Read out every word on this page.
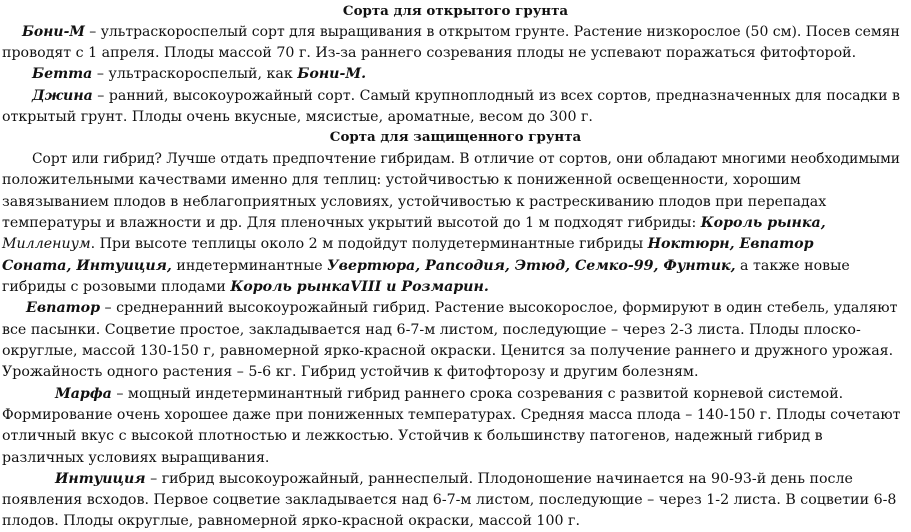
Сорта для открытого грунта
Бони-М – ультраскороспелый сорт для выращивания в открытом грунте. Растение низкорослое (50 см). Посев семян
проводят с 1 апреля. Плоды массой 70 г. Из-за раннего созревания плоды не успевают поражаться фитофторой.
Бетта – ультраскороспелый, как Бони-М.
Джина – ранний, высокоурожайный сорт. Самый крупноплодный из всех сортов, предназначенных для посадки в
открытый грунт. Плоды очень вкусные, мясистые, ароматные, весом до 300 г.
Сорта для защищенного грунта
Сорт или гибрид? Лучше отдать предпочтение гибридам. В отличие от сортов, они обладают многими необходимыми
положительными качествами именно для теплиц: устойчивостью к пониженной освещенности, хорошим
завязыванием плодов в неблагоприятных условиях, устойчивостью к растрескиванию плодов при перепадах
температуры и влажности и др. Для пленочных укрытий высотой до 1 м подходят гибриды: Король рынка,
Миллениум. При высоте теплицы около 2 м подойдут полудетерминантные гибриды Ноктюрн, Евпатор
Соната, Интуиция, индетерминантные Увертюра, Рапсодия, Этюд, Семко-99, Фунтик, а также новые
гибриды с розовыми плодами Король рынкаVIII и Розмарин.
Евпатор – среднеранний высокоурожайный гибрид. Растение высокорослое, формируют в один стебель, удаляют
все пасынки. Соцветие простое, закладывается над 6-7-м листом, последующие – через 2-3 листа. Плоды плоско-
округлые, массой 130-150 г, равномерной ярко-красной окраски. Ценится за получение раннего и дружного урожая.
Урожайность одного растения – 5-6 кг. Гибрид устойчив к фитофторозу и другим болезням.
Марфа – мощный индетерминантный гибрид раннего срока созревания с развитой корневой системой.
Формирование очень хорошее даже при пониженных температурах. Средняя масса плода – 140-150 г. Плоды сочетают
отличный вкус с высокой плотностью и лежкостью. Устойчив к большинству патогенов, надежный гибрид в
различных условиях выращивания.
Интуиция – гибрид высокоурожайный, раннеспелый. Плодоношение начинается на 90-93-й день после
появления всходов. Первое соцветие закладывается над 6-7-м листом, последующие – через 1-2 листа. В соцветии 6-8
плодов. Плоды округлые, равномерной ярко-красной окраски, массой 100 г.
